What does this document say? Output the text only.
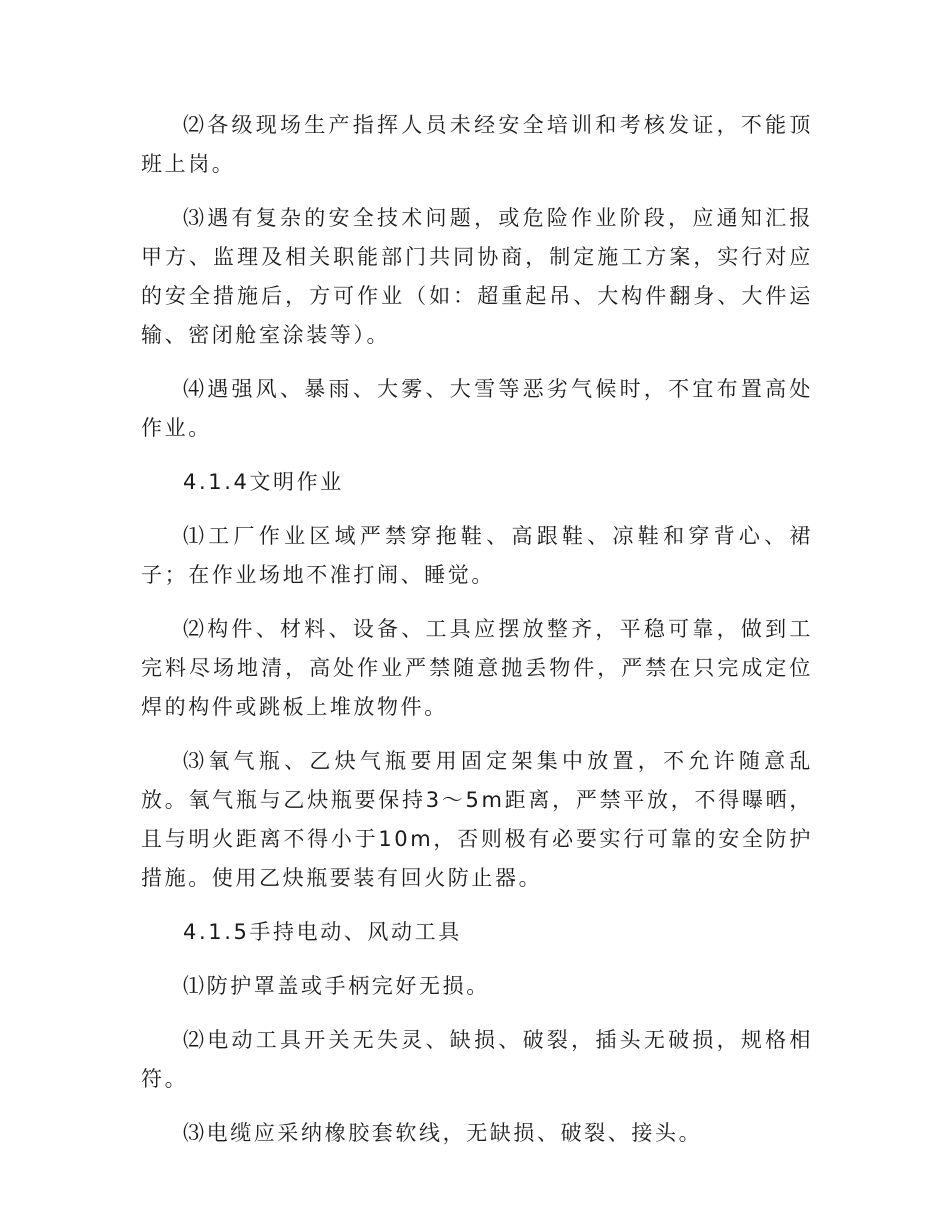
⑵各级现场生产指挥人员未经安全培训和考核发证，不能顶班上岗。

⑶遇有复杂的安全技术问题，或危险作业阶段，应通知汇报甲方、监理及相关职能部门共同协商，制定施工方案，实行对应的安全措施后，方可作业（如：超重起吊、大构件翻身、大件运输、密闭舱室涂装等）。

⑷遇强风、暴雨、大雾、大雪等恶劣气候时，不宜布置高处作业。

4.1.4文明作业

⑴工厂作业区域严禁穿拖鞋、高跟鞋、凉鞋和穿背心、裙子；在作业场地不准打闹、睡觉。

⑵构件、材料、设备、工具应摆放整齐，平稳可靠，做到工完料尽场地清，高处作业严禁随意抛丢物件，严禁在只完成定位焊的构件或跳板上堆放物件。

⑶氧气瓶、乙炔气瓶要用固定架集中放置，不允许随意乱放。氧气瓶与乙炔瓶要保持3～5m距离，严禁平放，不得曝晒，且与明火距离不得小于10m，否则极有必要实行可靠的安全防护措施。使用乙炔瓶要装有回火防止器。

4.1.5手持电动、风动工具

⑴防护罩盖或手柄完好无损。

⑵电动工具开关无失灵、缺损、破裂，插头无破损，规格相符。

⑶电缆应采纳橡胶套软线，无缺损、破裂、接头。
